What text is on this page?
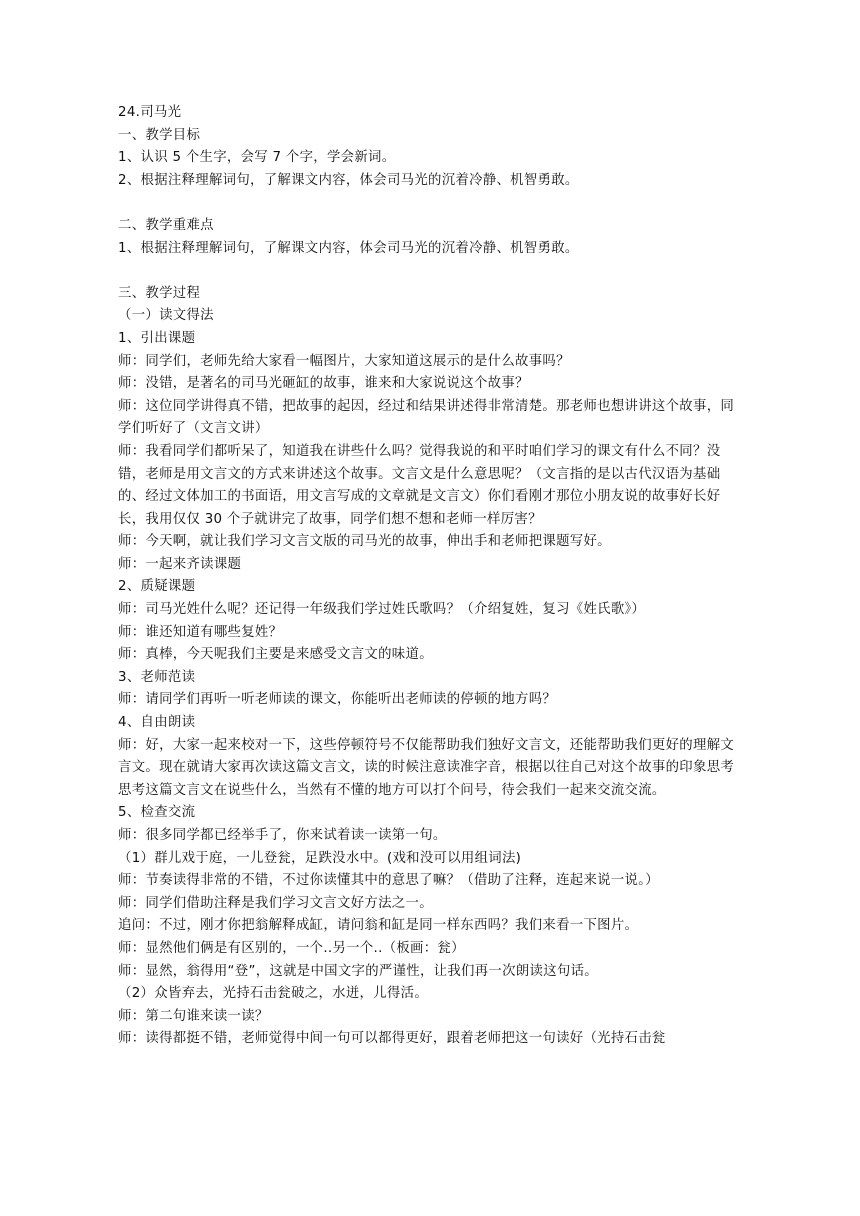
24.司马光
一、教学目标
1、认识 5 个生字，会写 7 个字，学会新词。
2、根据注释理解词句，了解课文内容，体会司马光的沉着冷静、机智勇敢。
二、教学重难点
1、根据注释理解词句，了解课文内容，体会司马光的沉着冷静、机智勇敢。
三、教学过程
（一）读文得法
1、引出课题
师：同学们，老师先给大家看一幅图片，大家知道这展示的是什么故事吗？
师：没错，是著名的司马光砸缸的故事，谁来和大家说说这个故事？
师：这位同学讲得真不错，把故事的起因，经过和结果讲述得非常清楚。那老师也想讲讲这个故事，同学们听好了（文言文讲）
师：我看同学们都听呆了，知道我在讲些什么吗？觉得我说的和平时咱们学习的课文有什么不同？没错，老师是用文言文的方式来讲述这个故事。文言文是什么意思呢？（文言指的是以古代汉语为基础的、经过文体加工的书面语，用文言写成的文章就是文言文）你们看刚才那位小朋友说的故事好长好长，我用仅仅 30 个子就讲完了故事，同学们想不想和老师一样厉害？
师：今天啊，就让我们学习文言文版的司马光的故事，伸出手和老师把课题写好。
师：一起来齐读课题
2、质疑课题
师：司马光姓什么呢？还记得一年级我们学过姓氏歌吗？（介绍复姓，复习《姓氏歌》）
师：谁还知道有哪些复姓？
师：真棒，今天呢我们主要是来感受文言文的味道。
3、老师范读
师：请同学们再听一听老师读的课文，你能听出老师读的停顿的地方吗？
4、自由朗读
师：好，大家一起来校对一下，这些停顿符号不仅能帮助我们独好文言文，还能帮助我们更好的理解文言文。现在就请大家再次读这篇文言文，读的时候注意读准字音，根据以往自己对这个故事的印象思考思考这篇文言文在说些什么，当然有不懂的地方可以打个问号，待会我们一起来交流交流。
5、检查交流
师：很多同学都已经举手了，你来试着读一读第一句。
（1）群儿戏于庭，一儿登瓮，足跌没水中。(戏和没可以用组词法)
师：节奏读得非常的不错，不过你读懂其中的意思了嘛？（借助了注释，连起来说一说。）
师：同学们借助注释是我们学习文言文好方法之一。
追问：不过，刚才你把翁解释成缸，请问翁和缸是同一样东西吗？我们来看一下图片。
师：显然他们俩是有区别的，一个..另一个..（板画：瓮）
师：显然，翁得用“登”，这就是中国文字的严谨性，让我们再一次朗读这句话。
（2）众皆弃去，光持石击瓮破之，水迸，儿得活。
师：第二句谁来读一读？
师：读得都挺不错，老师觉得中间一句可以都得更好，跟着老师把这一句读好（光持石击瓮
